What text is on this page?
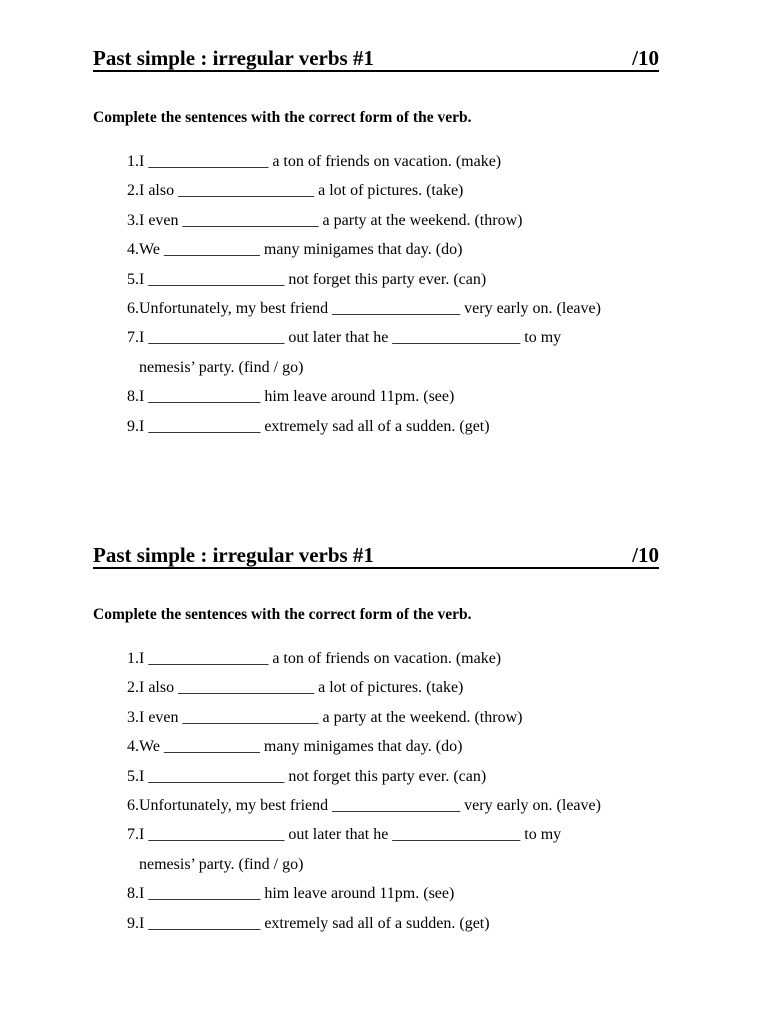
Past simple : irregular verbs #1	/10
Complete the sentences with the correct form of the verb.
1. I _______________ a ton of friends on vacation. (make)
2. I also _________________ a lot of pictures. (take)
3. I even _________________ a party at the weekend. (throw)
4. We ____________ many minigames that day. (do)
5. I _________________ not forget this party ever. (can)
6. Unfortunately, my best friend ________________ very early on. (leave)
7. I _________________ out later that he ________________ to my
nemesis’ party. (find / go)
8. I ______________ him leave around 11pm. (see)
9. I ______________ extremely sad all of a sudden. (get)
Past simple : irregular verbs #1	/10
Complete the sentences with the correct form of the verb.
1. I _______________ a ton of friends on vacation. (make)
2. I also _________________ a lot of pictures. (take)
3. I even _________________ a party at the weekend. (throw)
4. We ____________ many minigames that day. (do)
5. I _________________ not forget this party ever. (can)
6. Unfortunately, my best friend ________________ very early on. (leave)
7. I _________________ out later that he ________________ to my
nemesis’ party. (find / go)
8. I ______________ him leave around 11pm. (see)
9. I ______________ extremely sad all of a sudden. (get)
